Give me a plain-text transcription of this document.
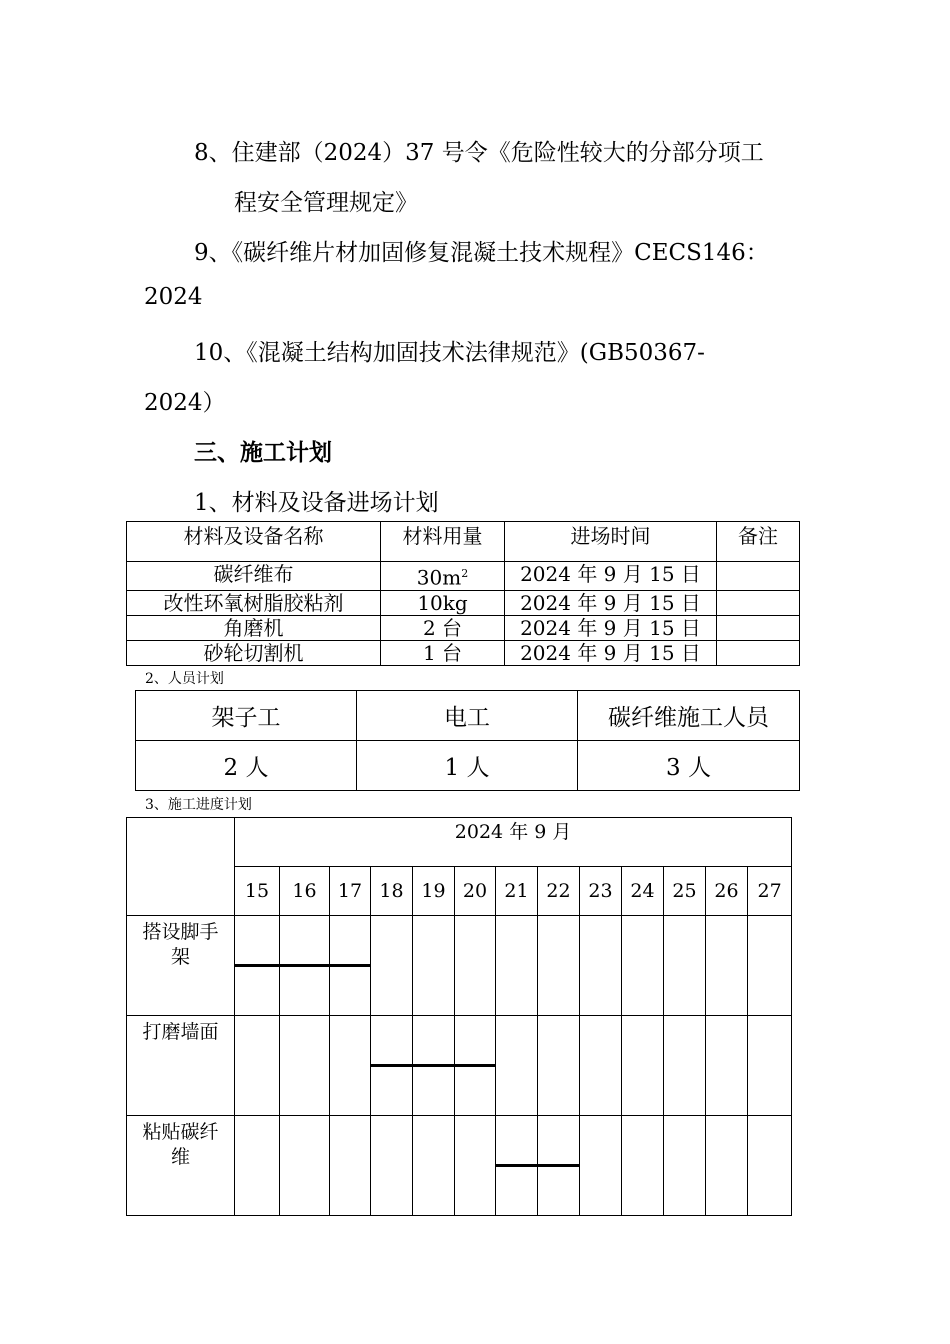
8、住建部（2024）37 号令《危险性较大的分部分项工
程安全管理规定》
9、《碳纤维片材加固修复混凝土技术规程》CECS146：
2024
10、《混凝土结构加固技术法律规范》(GB50367-
2024）
三、施工计划
1、材料及设备进场计划
材料及设备名称	材料用量	进场时间	备注
碳纤维布	$30m^2$	2024 年 9 月 15 日	
改性环氧树脂胶粘剂	10kg	2024 年 9 月 15 日	
角磨机	2 台	2024 年 9 月 15 日	
砂轮切割机	1 台	2024 年 9 月 15 日	
2、人员计划
架子工	电工	碳纤维施工人员
2 人	1 人	3 人
3、施工进度计划
	2024 年 9 月												
	15	16	17	18	19	20	21	22	23	24	25	26	27

搭设脚手
架													

打磨墙面													

粘贴碳纤
维													
